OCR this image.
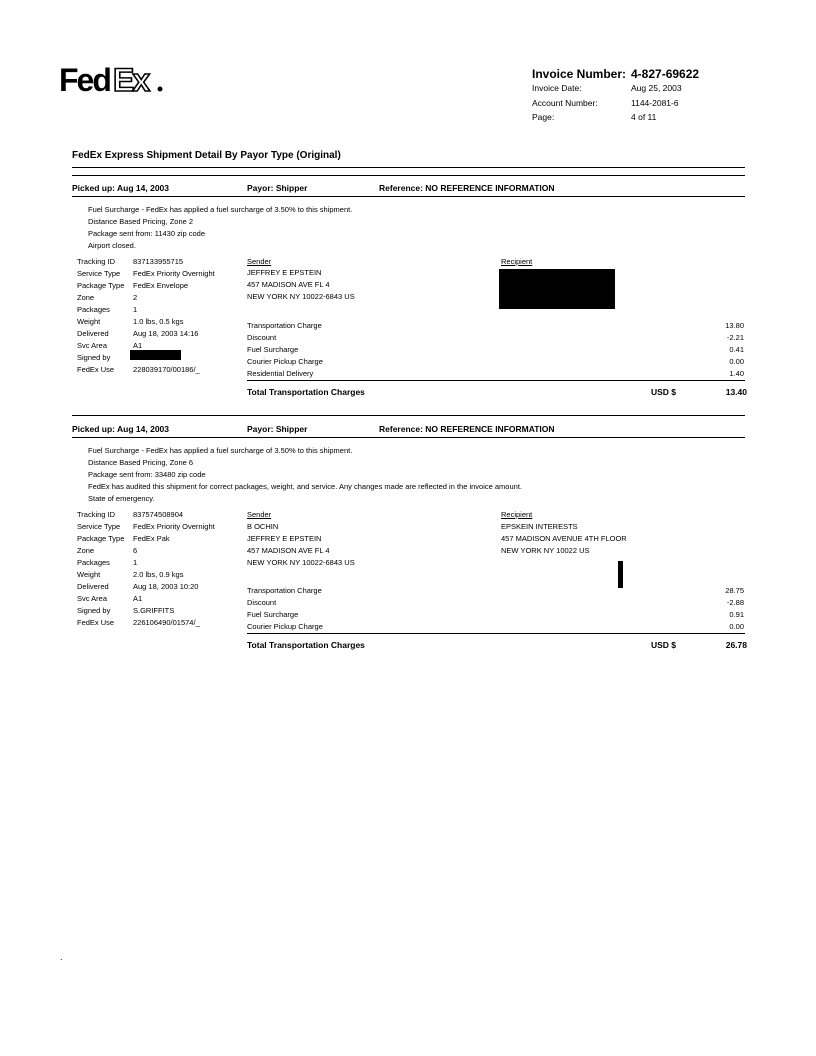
Fed Ex	Invoice Number: 4-827-69622
Invoice Date:	Aug 25, 2003
Account Number:	1144-2081-6
Page:	4 of 11
FedEx Express Shipment Detail By Payor Type (Original)
Picked up: Aug 14, 2003	Payor: Shipper	Reference: NO REFERENCE INFORMATION
Fuel Surcharge - FedEx has applied a fuel surcharge of 3.50% to this shipment.
Distance Based Pricing, Zone 2
Package sent from: 11430 zip code
Airport closed.
Tracking ID 837133955715
Service Type FedEx Priority Overnight
Package Type FedEx Envelope
Zone	2
Packages	1
Weight	1.0 lbs, 0.5 kgs
Delivered	Aug 18, 2003 14:16
Svc Area	A1
Signed by
FedEx Use	228039170/00186/_
Sender
JEFFREY E EPSTEIN
457 MADISON AVE FL 4
NEW YORK NY 10022-6843 US
Recipient
Transportation Charge	13.80
Discount	-2.21
Fuel Surcharge	0.41
Courier Pickup Charge	0.00
Residential Delivery	1.40
Total Transportation Charges	USD $	13.40
Picked up: Aug 14, 2003	Payor: Shipper	Reference: NO REFERENCE INFORMATION
Fuel Surcharge - FedEx has applied a fuel surcharge of 3.50% to this shipment.
Distance Based Pricing, Zone 6
Package sent from: 33480 zip code
FedEx has audited this shipment for correct packages, weight, and service. Any changes made are reflected in the invoice amount.
State of emergency.
Tracking ID 837574508904
Service Type FedEx Priority Overnight
Package Type FedEx Pak
Zone	6
Packages	1
Weight	2.0 lbs, 0.9 kgs
Delivered	Aug 18, 2003 10:20
Svc Area	A1
Signed by	S.GRIFFITS
FedEx Use	226106490/01574/_
Sender
B OCHIN
JEFFREY E EPSTEIN
457 MADISON AVE FL 4
NEW YORK NY 10022-6843 US
Recipient
EPSKEIN INTERESTS
457 MADISON AVENUE 4TH FLOOR
NEW YORK NY 10022 US
Transportation Charge	28.75
Discount	-2.88
Fuel Surcharge	0.91
Courier Pickup Charge	0.00
Total Transportation Charges	USD $	26.78
.
